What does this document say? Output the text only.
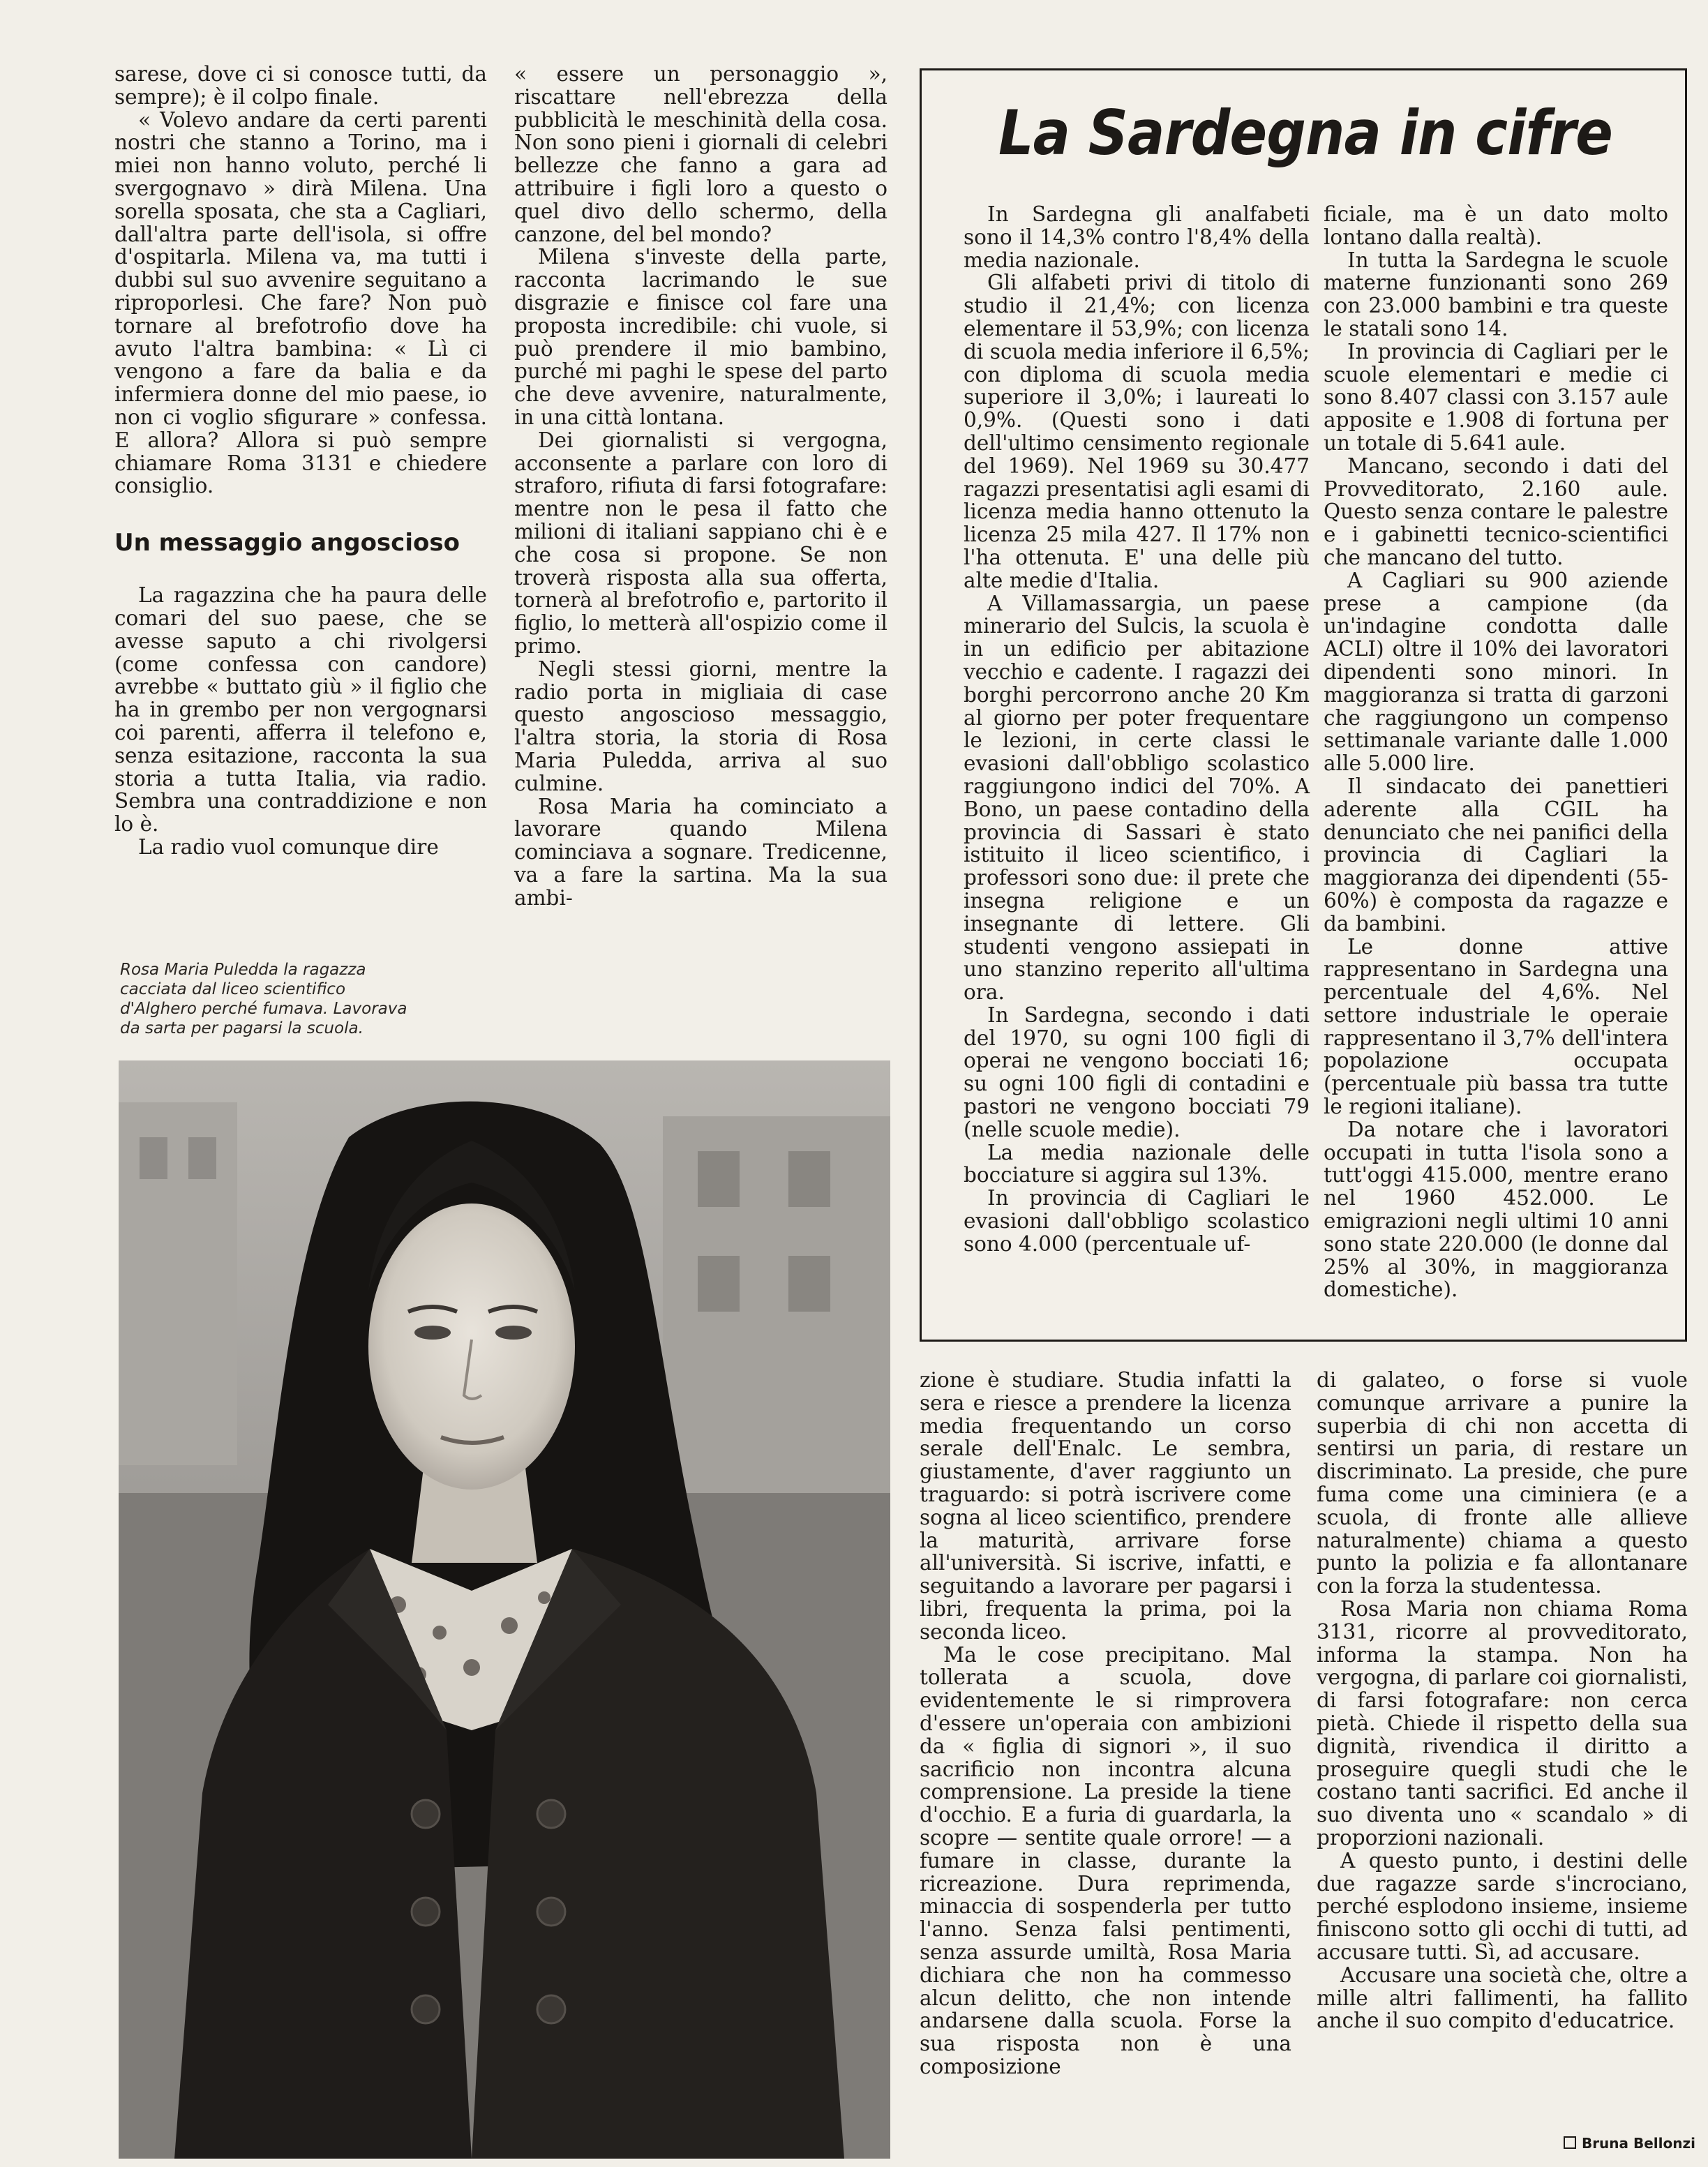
sarese, dove ci si conosce tutti, da sempre); è il colpo finale.

« Volevo andare da certi parenti nostri che stanno a Torino, ma i miei non hanno voluto, perché li svergognavo » dirà Milena. Una sorella sposata, che sta a Cagliari, dall'altra parte dell'isola, si offre d'ospitarla. Milena va, ma tutti i dubbi sul suo avvenire seguitano a riproporlesi. Che fare? Non può tornare al brefotrofio dove ha avuto l'altra bambina: « Lì ci vengono a fare da balia e da infermiera donne del mio paese, io non ci voglio sfigurare » confessa. E allora? Allora si può sempre chiamare Roma 3131 e chiedere consiglio.

Un messaggio angoscioso

La ragazzina che ha paura delle comari del suo paese, che se avesse saputo a chi rivolgersi (come confessa con candore) avrebbe « buttato giù » il figlio che ha in grembo per non vergognarsi coi parenti, afferra il telefono e, senza esitazione, racconta la sua storia a tutta Italia, via radio. Sembra una contraddizione e non lo è.

La radio vuol comunque dire

« essere un personaggio », riscattare nell'ebrezza della pubblicità le meschinità della cosa. Non sono pieni i giornali di celebri bellezze che fanno a gara ad attribuire i figli loro a questo o quel divo dello schermo, della canzone, del bel mondo?

Milena s'investe della parte, racconta lacrimando le sue disgrazie e finisce col fare una proposta incredibile: chi vuole, si può prendere il mio bambino, purché mi paghi le spese del parto che deve avvenire, naturalmente, in una città lontana.

Dei giornalisti si vergogna, acconsente a parlare con loro di straforo, rifiuta di farsi fotografare: mentre non le pesa il fatto che milioni di italiani sappiano chi è e che cosa si propone. Se non troverà risposta alla sua offerta, tornerà al brefotrofio e, partorito il figlio, lo metterà all'ospizio come il primo.

Negli stessi giorni, mentre la radio porta in migliaia di case questo angoscioso messaggio, l'altra storia, la storia di Rosa Maria Puledda, arriva al suo culmine.

Rosa Maria ha cominciato a lavorare quando Milena cominciava a sognare. Tredicenne, va a fare la sartina. Ma la sua ambi-

Rosa Maria Puledda la ragazza cacciata dal liceo scientifico d'Alghero perché fumava. Lavorava da sarta per pagarsi la scuola.
La Sardegna in cifre

In Sardegna gli analfabeti sono il 14,3% contro l'8,4% della media nazionale.

Gli alfabeti privi di titolo di studio il 21,4%; con licenza elementare il 53,9%; con licenza di scuola media inferiore il 6,5%; con diploma di scuola media superiore il 3,0%; i laureati lo 0,9%. (Questi sono i dati dell'ultimo censimento regionale del 1969). Nel 1969 su 30.477 ragazzi presentatisi agli esami di licenza media hanno ottenuto la licenza 25 mila 427. Il 17% non l'ha ottenuta. E' una delle più alte medie d'Italia.

A Villamassargia, un paese minerario del Sulcis, la scuola è in un edificio per abitazione vecchio e cadente. I ragazzi dei borghi percorrono anche 20 Km al giorno per poter frequentare le lezioni, in certe classi le evasioni dall'obbligo scolastico raggiungono indici del 70%. A Bono, un paese contadino della provincia di Sassari è stato istituito il liceo scientifico, i professori sono due: il prete che insegna religione e un insegnante di lettere. Gli studenti vengono assiepati in uno stanzino reperito all'ultima ora.

In Sardegna, secondo i dati del 1970, su ogni 100 figli di operai ne vengono bocciati 16; su ogni 100 figli di contadini e pastori ne vengono bocciati 79 (nelle scuole medie).

La media nazionale delle bocciature si aggira sul 13%.

In provincia di Cagliari le evasioni dall'obbligo scolastico sono 4.000 (percentuale uf-

ficiale, ma è un dato molto lontano dalla realtà).

In tutta la Sardegna le scuole materne funzionanti sono 269 con 23.000 bambini e tra queste le statali sono 14.

In provincia di Cagliari per le scuole elementari e medie ci sono 8.407 classi con 3.157 aule apposite e 1.908 di fortuna per un totale di 5.641 aule.

Mancano, secondo i dati del Provveditorato, 2.160 aule. Questo senza contare le palestre e i gabinetti tecnico-scientifici che mancano del tutto.

A Cagliari su 900 aziende prese a campione (da un'indagine condotta dalle ACLI) oltre il 10% dei lavoratori dipendenti sono minori. In maggioranza si tratta di garzoni che raggiungono un compenso settimanale variante dalle 1.000 alle 5.000 lire.

Il sindacato dei panettieri aderente alla CGIL ha denunciato che nei panifici della provincia di Cagliari la maggioranza dei dipendenti (55-60%) è composta da ragazze e da bambini.

Le donne attive rappresentano in Sardegna una percentuale del 4,6%. Nel settore industriale le operaie rappresentano il 3,7% dell'intera popolazione occupata (percentuale più bassa tra tutte le regioni italiane).

Da notare che i lavoratori occupati in tutta l'isola sono a tutt'oggi 415.000, mentre erano nel 1960 452.000. Le emigrazioni negli ultimi 10 anni sono state 220.000 (le donne dal 25% al 30%, in maggioranza domestiche).

zione è studiare. Studia infatti la sera e riesce a prendere la licenza media frequentando un corso serale dell'Enalc. Le sembra, giustamente, d'aver raggiunto un traguardo: si potrà iscrivere come sogna al liceo scientifico, prendere la maturità, arrivare forse all'università. Si iscrive, infatti, e seguitando a lavorare per pagarsi i libri, frequenta la prima, poi la seconda liceo.

Ma le cose precipitano. Mal tollerata a scuola, dove evidentemente le si rimprovera d'essere un'operaia con ambizioni da « figlia di signori », il suo sacrificio non incontra alcuna comprensione. La preside la tiene d'occhio. E a furia di guardarla, la scopre — sentite quale orrore! — a fumare in classe, durante la ricreazione. Dura reprimenda, minaccia di sospenderla per tutto l'anno. Senza falsi pentimenti, senza assurde umiltà, Rosa Maria dichiara che non ha commesso alcun delitto, che non intende andarsene dalla scuola. Forse la sua risposta non è una composizione

di galateo, o forse si vuole comunque arrivare a punire la superbia di chi non accetta di sentirsi un paria, di restare un discriminato. La preside, che pure fuma come una ciminiera (e a scuola, di fronte alle allieve naturalmente) chiama a questo punto la polizia e fa allontanare con la forza la studentessa.

Rosa Maria non chiama Roma 3131, ricorre al provveditorato, informa la stampa. Non ha vergogna, di parlare coi giornalisti, di farsi fotografare: non cerca pietà. Chiede il rispetto della sua dignità, rivendica il diritto a proseguire quegli studi che le costano tanti sacrifici. Ed anche il suo diventa uno « scandalo » di proporzioni nazionali.

A questo punto, i destini delle due ragazze sarde s'incrociano, perché esplodono insieme, insieme finiscono sotto gli occhi di tutti, ad accusare tutti. Sì, ad accusare.

Accusare una società che, oltre a mille altri fallimenti, ha fallito anche il suo compito d'educatrice.

Bruna Bellonzi
